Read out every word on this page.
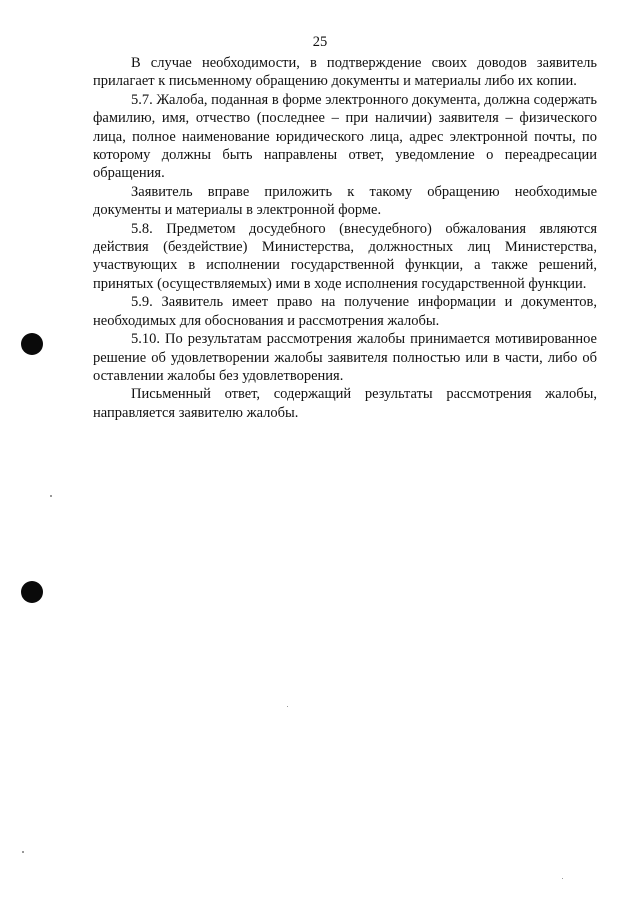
25

В случае необходимости, в подтверждение своих доводов заявитель прилагает к письменному обращению документы и материалы либо их копии.

5.7. Жалоба, поданная в форме электронного документа, должна содержать фамилию, имя, отчество (последнее – при наличии) заявителя – физического лица, полное наименование юридического лица, адрес электронной почты, по которому должны быть направлены ответ, уведомление о переадресации обращения.

Заявитель вправе приложить к такому обращению необходимые документы и материалы в электронной форме.

5.8. Предметом досудебного (внесудебного) обжалования являются действия (бездействие) Министерства, должностных лиц Министерства, участвующих в исполнении государственной функции, а также решений, принятых (осуществляемых) ими в ходе исполнения государственной функции.

5.9. Заявитель имеет право на получение информации и документов, необходимых для обоснования и рассмотрения жалобы.

5.10. По результатам рассмотрения жалобы принимается мотивированное решение об удовлетворении жалобы заявителя полностью или в части, либо об оставлении жалобы без удовлетворения.

Письменный ответ, содержащий результаты рассмотрения жалобы, направляется заявителю жалобы.
